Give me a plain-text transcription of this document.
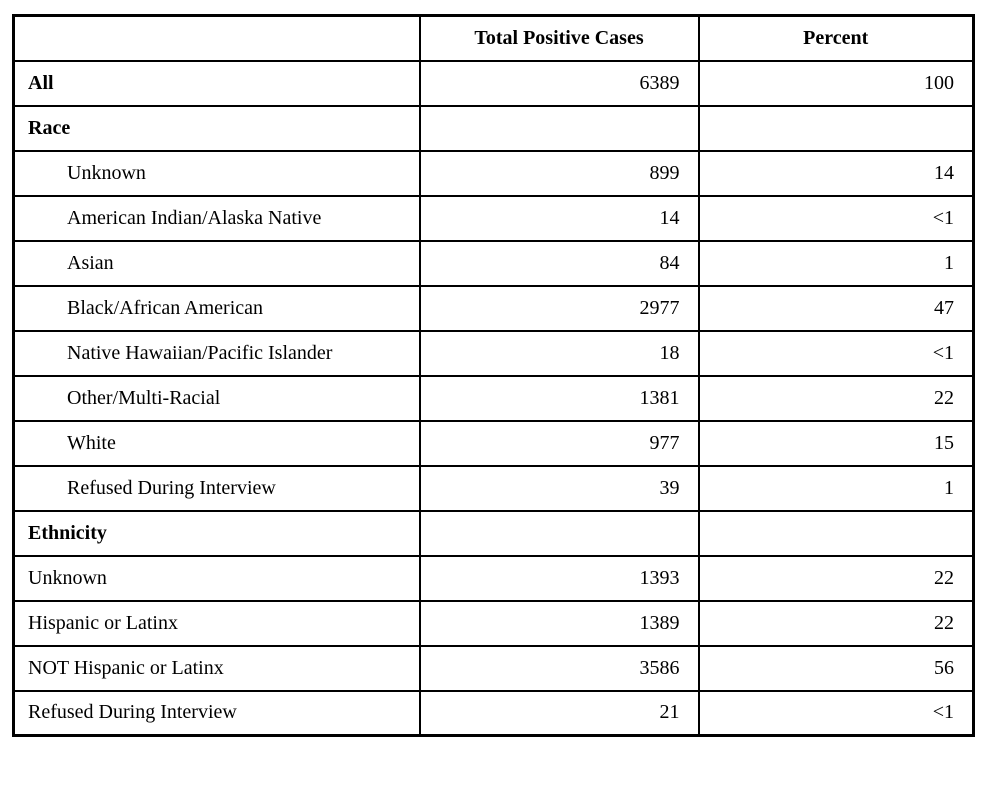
	Total Positive Cases	Percent
All	6389	100
Race		
Unknown	899	14
American Indian/Alaska Native	14	<1
Asian	84	1
Black/African American	2977	47
Native Hawaiian/Pacific Islander	18	<1
Other/Multi-Racial	1381	22
White	977	15
Refused During Interview	39	1
Ethnicity		
Unknown	1393	22
Hispanic or Latinx	1389	22
NOT Hispanic or Latinx	3586	56
Refused During Interview	21	<1
